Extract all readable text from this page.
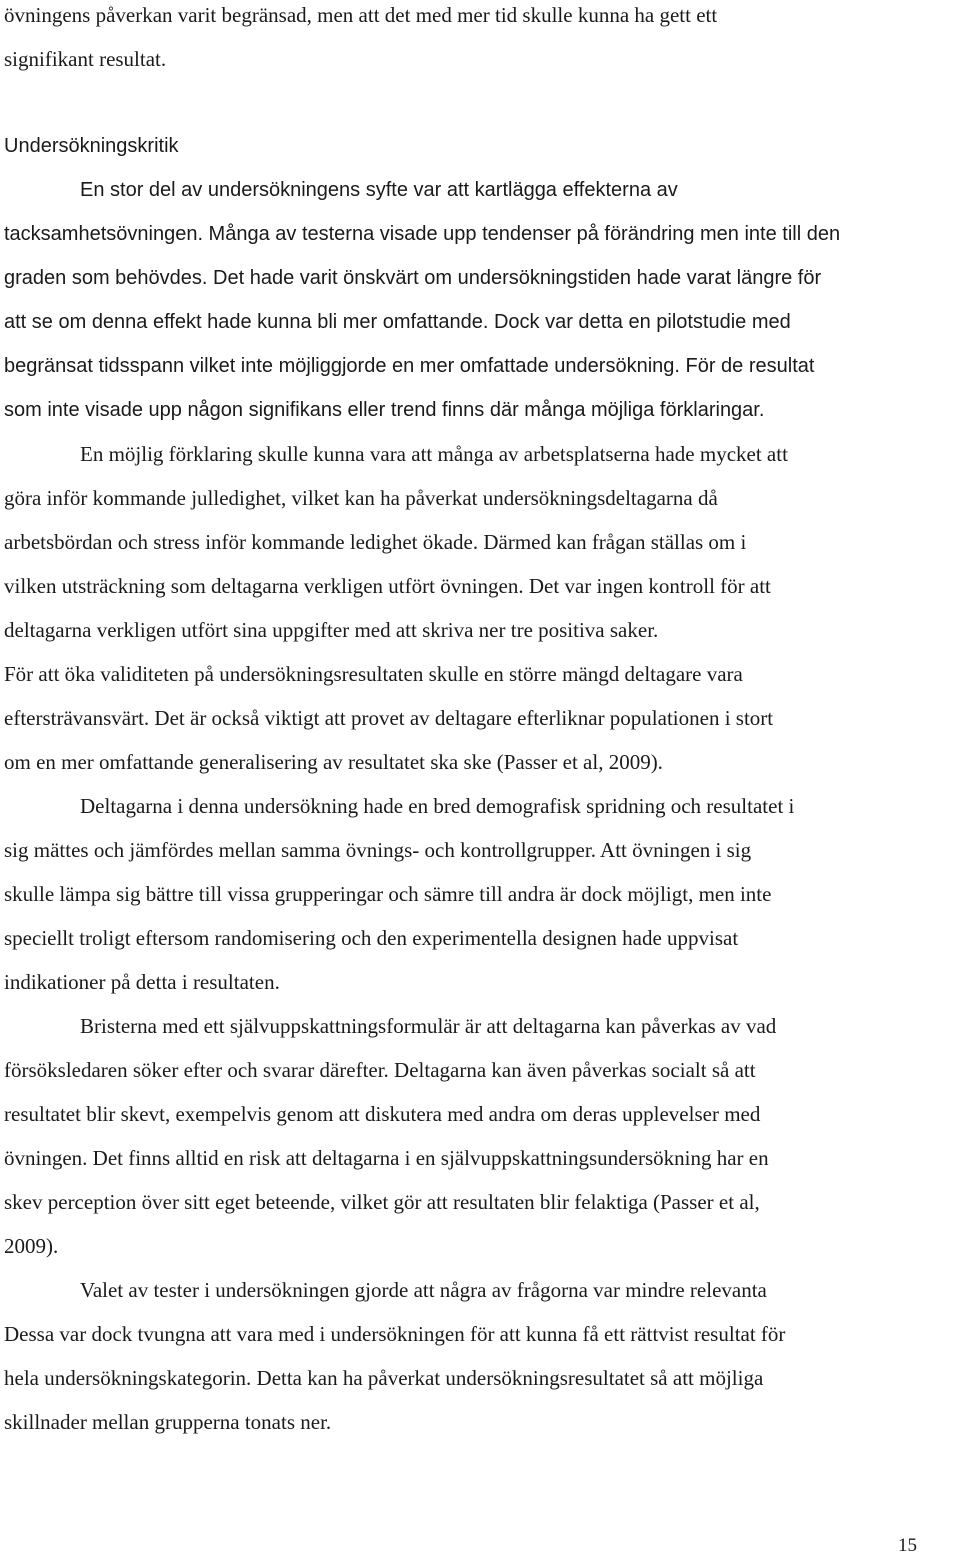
övningens påverkan varit begränsad, men att det med mer tid skulle kunna ha gett ett
signifikant resultat.
Undersökningskritik
En stor del av undersökningens syfte var att kartlägga effekterna av
tacksamhetsövningen. Många av testerna visade upp tendenser på förändring men inte till den
graden som behövdes. Det hade varit önskvärt om undersökningstiden hade varat längre för
att se om denna effekt hade kunna bli mer omfattande. Dock var detta en pilotstudie med
begränsat tidsspann vilket inte möjliggjorde en mer omfattade undersökning. För de resultat
som inte visade upp någon signifikans eller trend finns där många möjliga förklaringar.
En möjlig förklaring skulle kunna vara att många av arbetsplatserna hade mycket att
göra inför kommande julledighet, vilket kan ha påverkat undersökningsdeltagarna då
arbetsbördan och stress inför kommande ledighet ökade. Därmed kan frågan ställas om i
vilken utsträckning som deltagarna verkligen utfört övningen. Det var ingen kontroll för att
deltagarna verkligen utfört sina uppgifter med att skriva ner tre positiva saker.
För att öka validiteten på undersökningsresultaten skulle en större mängd deltagare vara
eftersträvansvärt. Det är också viktigt att provet av deltagare efterliknar populationen i stort
om en mer omfattande generalisering av resultatet ska ske (Passer et al, 2009).
Deltagarna i denna undersökning hade en bred demografisk spridning och resultatet i
sig mättes och jämfördes mellan samma övnings- och kontrollgrupper. Att övningen i sig
skulle lämpa sig bättre till vissa grupperingar och sämre till andra är dock möjligt, men inte
speciellt troligt eftersom randomisering och den experimentella designen hade uppvisat
indikationer på detta i resultaten.
Bristerna med ett självuppskattningsformulär är att deltagarna kan påverkas av vad
försöksledaren söker efter och svarar därefter. Deltagarna kan även påverkas socialt så att
resultatet blir skevt, exempelvis genom att diskutera med andra om deras upplevelser med
övningen. Det finns alltid en risk att deltagarna i en självuppskattningsundersökning har en
skev perception över sitt eget beteende, vilket gör att resultaten blir felaktiga (Passer et al,
2009).
Valet av tester i undersökningen gjorde att några av frågorna var mindre relevanta
Dessa var dock tvungna att vara med i undersökningen för att kunna få ett rättvist resultat för
hela undersökningskategorin. Detta kan ha påverkat undersökningsresultatet så att möjliga
skillnader mellan grupperna tonats ner.
15
